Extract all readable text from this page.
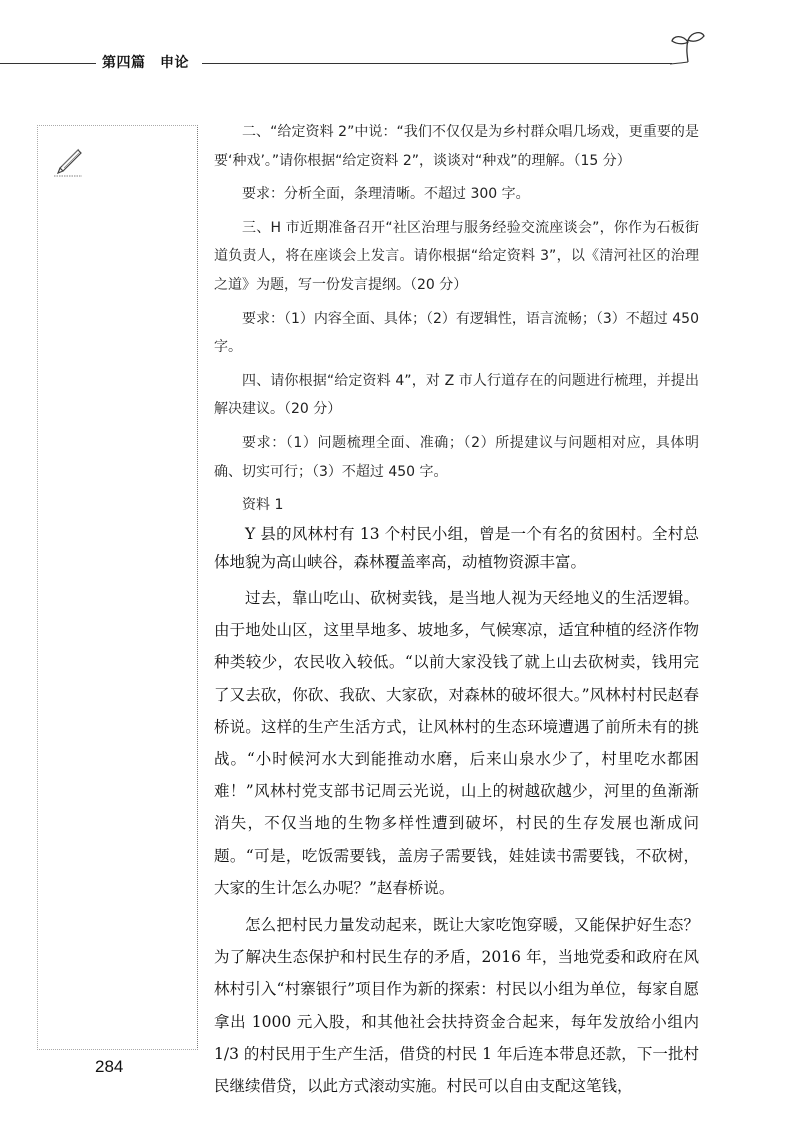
第四篇　申论

二、“给定资料 2”中说：“我们不仅仅是为乡村群众唱几场戏，更重要的是要‘种戏’。”请你根据“给定资料 2”，谈谈对“种戏”的理解。（15 分）

要求：分析全面，条理清晰。不超过 300 字。

三、H 市近期准备召开“社区治理与服务经验交流座谈会”，你作为石板街道负责人，将在座谈会上发言。请你根据“给定资料 3”，以《清河社区的治理之道》为题，写一份发言提纲。（20 分）

要求：（1）内容全面、具体；（2）有逻辑性，语言流畅；（3）不超过 450 字。

四、请你根据“给定资料 4”，对 Z 市人行道存在的问题进行梳理，并提出解决建议。（20 分）

要求：（1）问题梳理全面、准确；（2）所提建议与问题相对应，具体明确、切实可行；（3）不超过 450 字。

资料 1

Y 县的风林村有 13 个村民小组，曾是一个有名的贫困村。全村总体地貌为高山峡谷，森林覆盖率高，动植物资源丰富。

过去，靠山吃山、砍树卖钱，是当地人视为天经地义的生活逻辑。由于地处山区，这里旱地多、坡地多，气候寒凉，适宜种植的经济作物种类较少，农民收入较低。“以前大家没钱了就上山去砍树卖，钱用完了又去砍，你砍、我砍、大家砍，对森林的破坏很大。”风林村村民赵春桥说。这样的生产生活方式，让风林村的生态环境遭遇了前所未有的挑战。“小时候河水大到能推动水磨，后来山泉水少了，村里吃水都困难！”风林村党支部书记周云光说，山上的树越砍越少，河里的鱼渐渐消失，不仅当地的生物多样性遭到破坏，村民的生存发展也渐成问题。“可是，吃饭需要钱，盖房子需要钱，娃娃读书需要钱，不砍树，大家的生计怎么办呢？”赵春桥说。

怎么把村民力量发动起来，既让大家吃饱穿暖，又能保护好生态？为了解决生态保护和村民生存的矛盾，2016 年，当地党委和政府在风林村引入“村寨银行”项目作为新的探索：村民以小组为单位，每家自愿拿出 1000 元入股，和其他社会扶持资金合起来，每年发放给小组内 1/3 的村民用于生产生活，借贷的村民 1 年后连本带息还款，下一批村民继续借贷，以此方式滚动实施。村民可以自由支配这笔钱，

284
